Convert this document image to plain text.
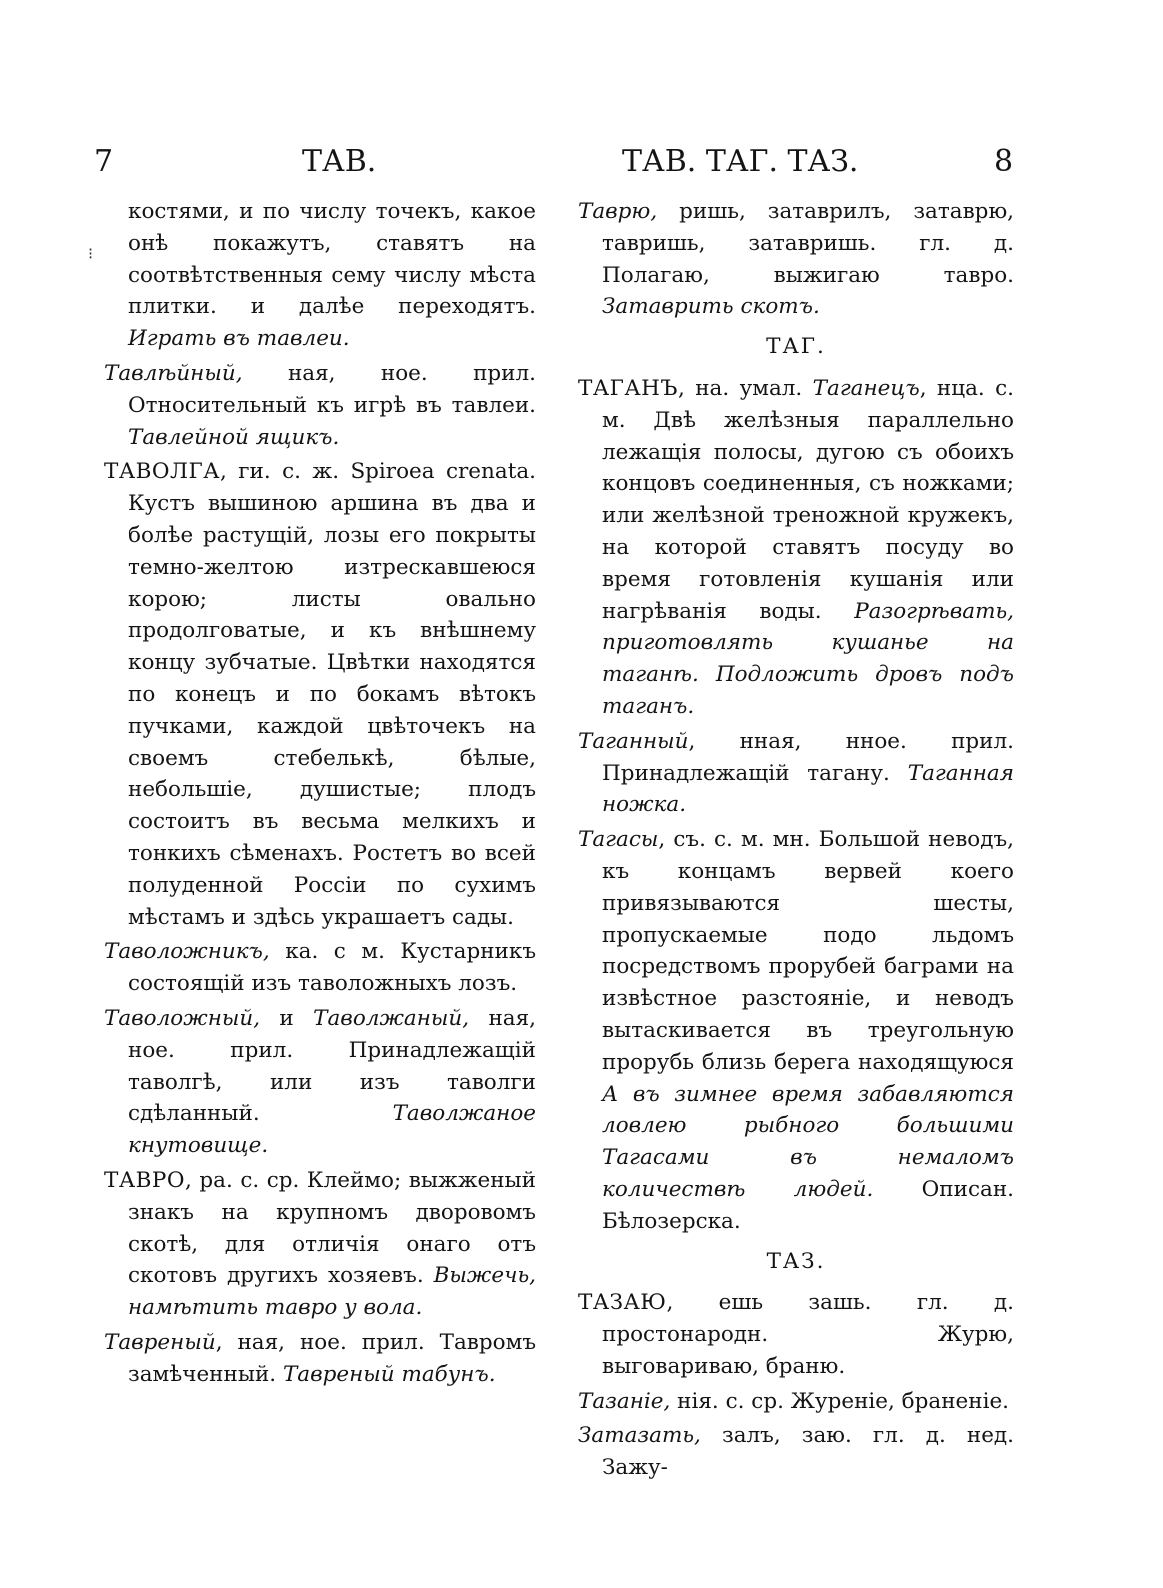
7	ТАВ.	ТАВ. ТАГ. ТАЗ.	8
⁝

костями, и по числу точекъ, какое онѣ покажутъ, ставятъ на соотвѣтственныя сему числу мѣста плитки. и далѣе переходятъ. Играть въ тавлеи.

Тавлѣйный, ная, ное. прил. Относительный къ игрѣ въ тавлеи. Тавлейной ящикъ.

ТАВОЛГА, ги. с. ж. Spiroea crenata. Кустъ вышиною аршина въ два и болѣе растущій, лозы его покрыты темно-желтою изтрескавшеюся корою; листы овально продолговатые, и къ внѣшнему концу зубчатые. Цвѣтки находятся по конецъ и по бокамъ вѣтокъ пучками, каждой цвѣточекъ на своемъ стебелькѣ, бѣлые, небольшіе, душистые; плодъ состоитъ въ весьма мелкихъ и тонкихъ сѣменахъ. Ростетъ во всей полуденной Россіи по сухимъ мѣстамъ и здѣсь украшаетъ сады.

Таволожникъ, ка. с м. Кустарникъ состоящій изъ таволожныхъ лозъ.

Таволожный, и Таволжаный, ная, ное. прил. Принадлежащій таволгѣ, или изъ таволги сдѣланный.	Таволжаное кнутовище.

ТАВРО, ра. с. ср. Клеймо; выжженый знакъ на крупномъ дворовомъ скотѣ, для отличія онаго отъ скотовъ другихъ хозяевъ. Выжечь, намѣтить тавро у вола.

Тавреный, ная, ное. прил. Тавромъ замѣченный. Тавреный табунъ.

Таврю, ришь, затаврилъ, затаврю, тавришь, затавришь. гл. д. Полагаю, выжигаю тавро. Затаврить скотъ.

ТАГ.

ТАГАНЪ, на. умал. Таганецъ, нца. с. м. Двѣ желѣзныя параллельно лежащія полосы, дугою съ обоихъ концовъ соединенныя, съ ножками; или желѣзной треножной кружекъ, на которой ставятъ посуду во время готовленія кушанія или нагрѣванія воды. Разогрѣвать, приготовлять кушанье на таганѣ. Подложить дровъ подъ таганъ.

Таганный, нная, нное. прил. Принадлежащій тагану. Таганная ножка.

Тагасы, съ. с. м. мн. Большой неводъ, къ концамъ вервей коего привязываются шесты, пропускаемые подо льдомъ посредствомъ прорубей баграми на извѣстное разстояніе, и неводъ вытаскивается въ треугольную прорубь близь берега находящуюся А въ зимнее время забавляются ловлею рыбного большими Тагасами въ немаломъ количествѣ людей. Описан. Бѣлозерска.

ТАЗ.

ТАЗАЮ, ешь зашь. гл. д. простонародн. Журю, выговариваю, браню.

Тазанiе, нія. с. ср. Журеніе, браненіе.

Затазать, залъ, заю. гл. д. нед. Зажу-
